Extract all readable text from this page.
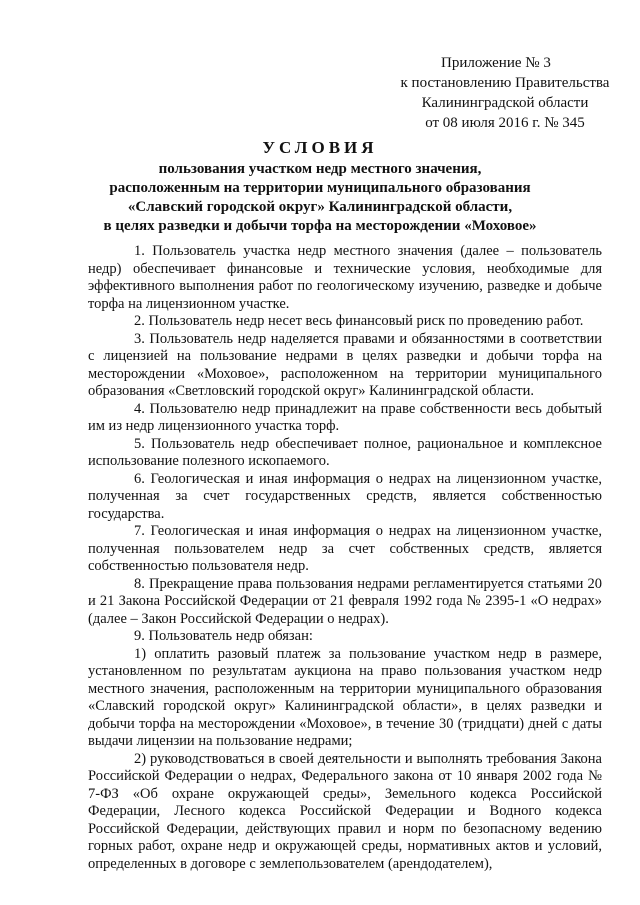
Приложение № 3
к постановлению Правительства
Калининградской области
от 08 июля 2016 г. № 345
УСЛОВИЯ
пользования участком недр местного значения,
расположенным на территории муниципального образования
«Славский городской округ» Калининградской области,
в целях разведки и добычи торфа на месторождении «Моховое»

1. Пользователь участка недр местного значения (далее – пользователь недр) обеспечивает финансовые и технические условия, необходимые для эффективного выполнения работ по геологическому изучению, разведке и добыче торфа на лицензионном участке.

2. Пользователь недр несет весь финансовый риск по проведению работ.

3. Пользователь недр наделяется правами и обязанностями в соответствии с лицензией на пользование недрами в целях разведки и добычи торфа на месторождении «Моховое», расположенном на территории муниципального образования «Светловский городской округ» Калининградской области.

4. Пользователю недр принадлежит на праве собственности весь добытый им из недр лицензионного участка торф.

5. Пользователь недр обеспечивает полное, рациональное и комплексное использование полезного ископаемого.

6. Геологическая и иная информация о недрах на лицензионном участке, полученная за счет государственных средств, является собственностью государства.

7. Геологическая и иная информация о недрах на лицензионном участке, полученная пользователем недр за счет собственных средств, является собственностью пользователя недр.

8. Прекращение права пользования недрами регламентируется статьями 20 и 21 Закона Российской Федерации от 21 февраля 1992 года № 2395-1 «О недрах» (далее – Закон Российской Федерации о недрах).

9. Пользователь недр обязан:

1) оплатить разовый платеж за пользование участком недр в размере, установленном по результатам аукциона на право пользования участком недр местного значения, расположенным на территории муниципального образования «Славский городской округ» Калининградской области», в целях разведки и добычи торфа на месторождении «Моховое», в течение 30 (тридцати) дней с даты выдачи лицензии на пользование недрами;

2) руководствоваться в своей деятельности и выполнять требования Закона Российской Федерации о недрах, Федерального закона от 10 января 2002 года № 7-ФЗ «Об охране окружающей среды», Земельного кодекса Российской Федерации, Лесного кодекса Российской Федерации и Водного кодекса Российской Федерации, действующих правил и норм по безопасному ведению горных работ, охране недр и окружающей среды, нормативных актов и условий, определенных в договоре с землепользователем (арендодателем),
